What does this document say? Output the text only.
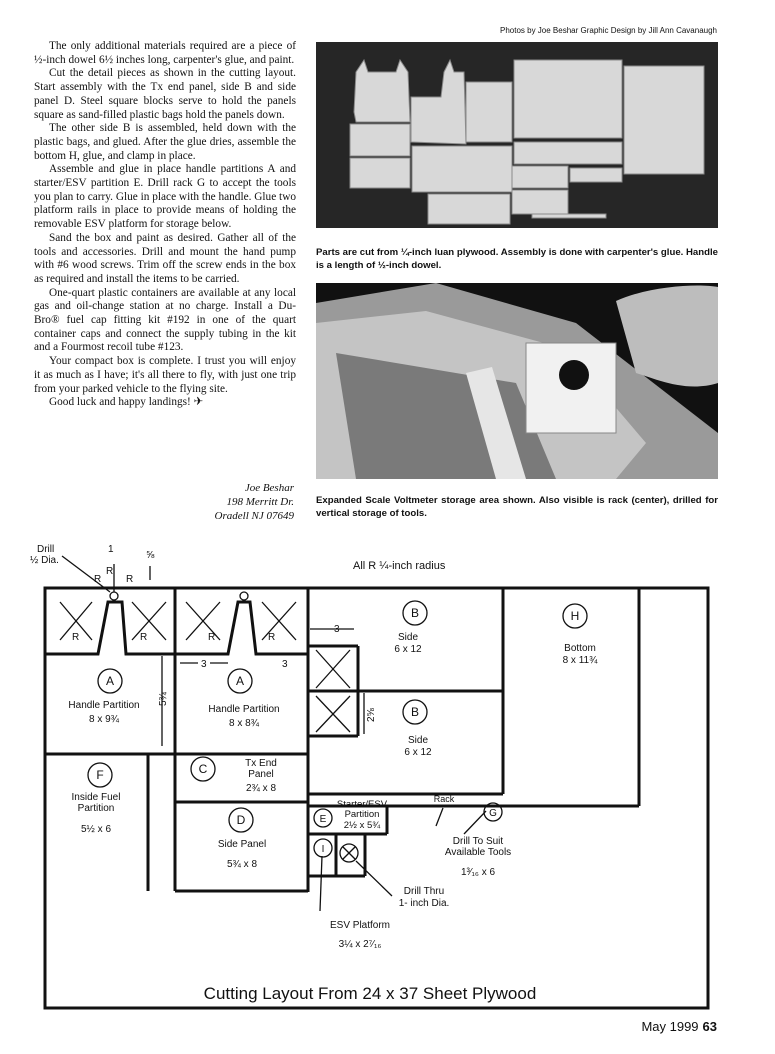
Photos by Joe Beshar Graphic Design by Jill Ann Cavanaugh

The only additional materials required are a piece of ½-inch dowel 6½ inches long, carpenter's glue, and paint.

Cut the detail pieces as shown in the cutting layout. Start assembly with the Tx end panel, side B and side panel D. Steel square blocks serve to hold the panels square as sand-filled plastic bags hold the panels down.

The other side B is assembled, held down with the plastic bags, and glued. After the glue dries, assemble the bottom H, glue, and clamp in place.

Assemble and glue in place handle partitions A and starter/ESV partition E. Drill rack G to accept the tools you plan to carry. Glue in place with the handle. Glue two platform rails in place to provide means of holding the removable ESV platform for storage below.

Sand the box and paint as desired. Gather all of the tools and accessories. Drill and mount the hand pump with #6 wood screws. Trim off the screw ends in the box as required and install the items to be carried.

One-quart plastic containers are available at any local gas and oil-change station at no charge. Install a Du-Bro® fuel cap fitting kit #192 in one of the quart container caps and connect the supply tubing in the kit and a Fourmost recoil tube #123.

Your compact box is complete. I trust you will enjoy it as much as I have; it's all there to fly, with just one trip from your parked vehicle to the flying site.

Good luck and happy landings! ✈

Joe Beshar
198 Merritt Dr.
Oradell NJ 07649
Parts are cut from ¼-inch luan plywood. Assembly is done with carpenter's glue. Handle is a length of ½-inch dowel.
Expanded Scale Voltmeter storage area shown. Also visible is rack (center), drilled for vertical storage of tools.
Drill
½ Dia.
1
⅝
R
R R
R	R	R	R
3
3	3
5¾
2⅝
All R ¼-inch radius
B
Side
6 x 12
H
Bottom
8 x 11¾
A
Handle Partition
8 x 9¾
A
Handle Partition
8 x 8¾
B
Side
6 x 12
F
Inside Fuel
Partition
5½ x 6
C	Tx End
Panel
2¾ x 8
D
Side Panel
5¾ x 8
Starter/ESV
Partition
2½ x 5¾
E
Rack
G
Drill To Suit
Available Tools
1³⁄₁₆ x 6
I
Drill Thru
1- inch Dia.
ESV Platform
3¼ x 2⁷⁄₁₆
Cutting Layout From 24 x 37 Sheet Plywood
May 1999 63
